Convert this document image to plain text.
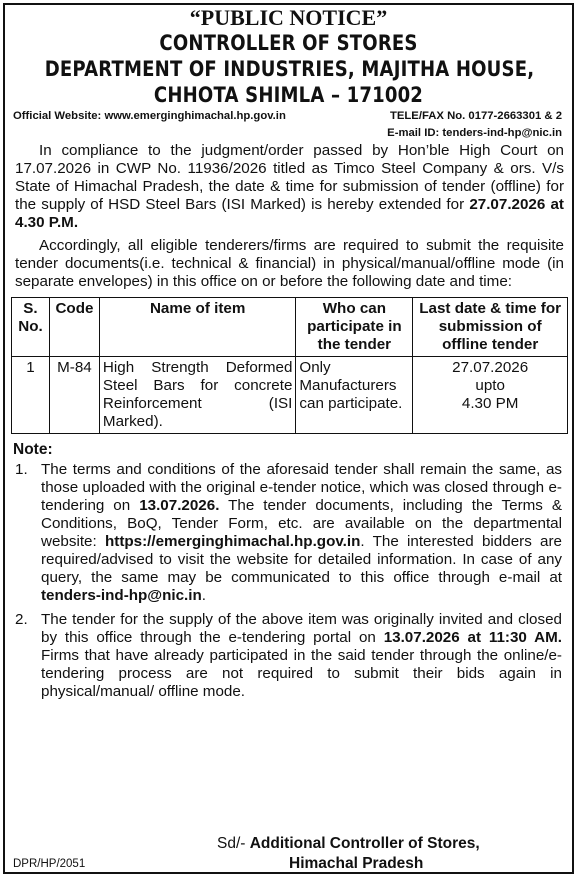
“PUBLIC NOTICE”
CONTROLLER OF STORES
DEPARTMENT OF INDUSTRIES, MAJITHA HOUSE,
CHHOTA SHIMLA – 171002
Official Website: www.emerginghimachal.hp.gov.in	TELE/FAX No. 0177-2663301 & 2
E-mail ID: tenders-ind-hp@nic.in

In compliance to the judgment/order passed by Hon’ble High Court on 17.07.2026 in CWP No. 11936/2026 titled as Timco Steel Company & ors. V/s State of Himachal Pradesh, the date & time for submission of tender (offline) for the supply of HSD Steel Bars (ISI Marked) is hereby extended for 27.07.2026 at 4.30 P.M.

Accordingly, all eligible tenderers/firms are required to submit the requisite tender documents(i.e. technical & financial) in physical/manual/offline mode (in separate envelopes) in this office on or before the following date and time:

S. No.	Code	Name of item	Who can participate in the tender	Last date & time for submission of offline tender
1	M-84	High Strength Deformed Steel Bars for concrete Reinforcement (ISI Marked).	Only Manufacturers can participate.	27.07.2026
upto
4.30 PM
Note:
1. The terms and conditions of the aforesaid tender shall remain the same, as those uploaded with the original e-tender notice, which was closed through e-tendering on 13.07.2026. The tender documents, including the Terms & Conditions, BoQ, Tender Form, etc. are available on the departmental website: https://emerginghimachal.hp.gov.in. The interested bidders are required/advised to visit the website for detailed information. In case of any query, the same may be communicated to this office through e-mail at tenders-ind-hp@nic.in.
2. The tender for the supply of the above item was originally invited and closed by this office through the e-tendering portal on 13.07.2026 at 11:30 AM. Firms that have already participated in the said tender through the online/e-tendering process are not required to submit their bids again in physical/manual/ offline mode.
Sd/- Additional Controller of Stores,
Himachal Pradesh
DPR/HP/2051
